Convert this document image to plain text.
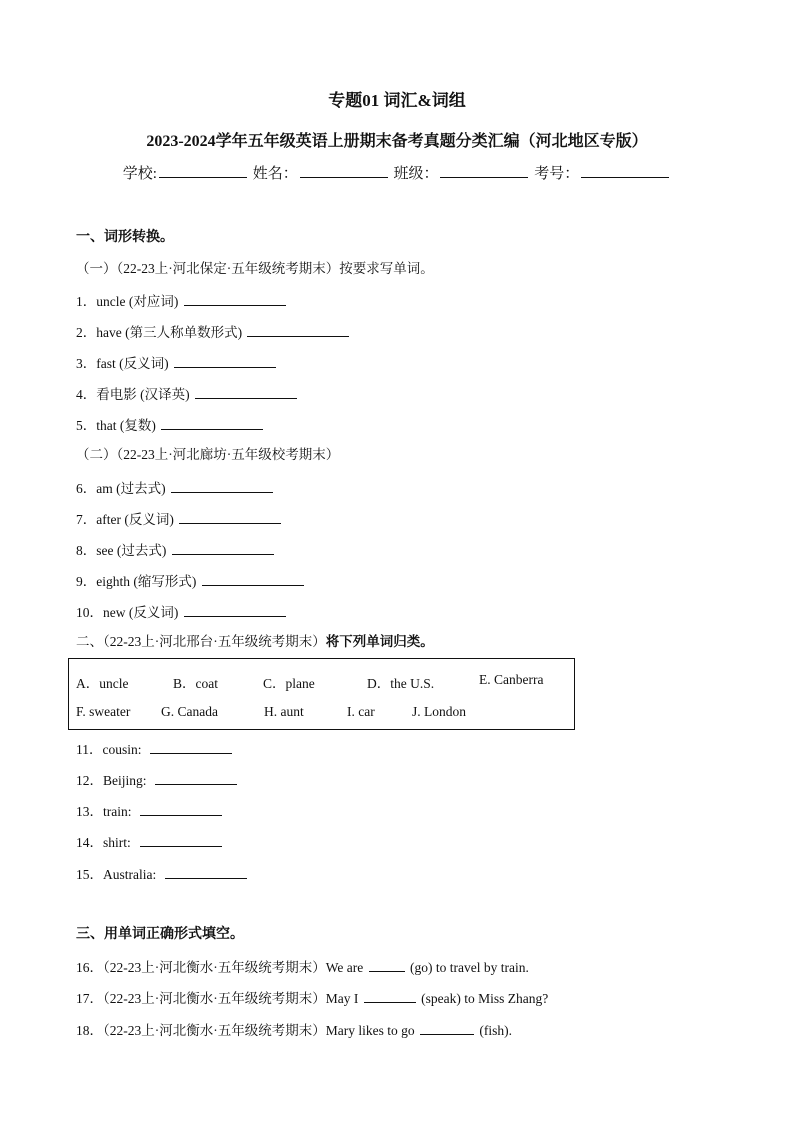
专题01 词汇&词组
2023-2024学年五年级英语上册期末备考真题分类汇编（河北地区专版）
学校:	姓名：	班级：	考号：
一、词形转换。
（一）（22-23上·河北保定·五年级统考期末）按要求写单词。
1．uncle (对应词)
2．have (第三人称单数形式)
3．fast (反义词)
4．看电影 (汉译英)
5．that (复数)
（二）（22-23上·河北廊坊·五年级校考期末）
6．am (过去式)
7．after (反义词)
8．see (过去式)
9．eighth (缩写形式)
10．new (反义词)
二、（22-23上·河北邢台·五年级统考期末）将下列单词归类。
A．uncle	B．coat	C．plane	D．the U.S.	E. Canberra
F. sweater G. Canada	H. aunt	I. car	J. London
11．cousin:
12．Beijing:
13．train:
14．shirt:
15．Australia:
三、用单词正确形式填空。
16．（22-23上·河北衡水·五年级统考期末）We are	(go) to travel by train.
17．（22-23上·河北衡水·五年级统考期末）May I	(speak) to Miss Zhang?
18．（22-23上·河北衡水·五年级统考期末）Mary likes to go	(fish).
